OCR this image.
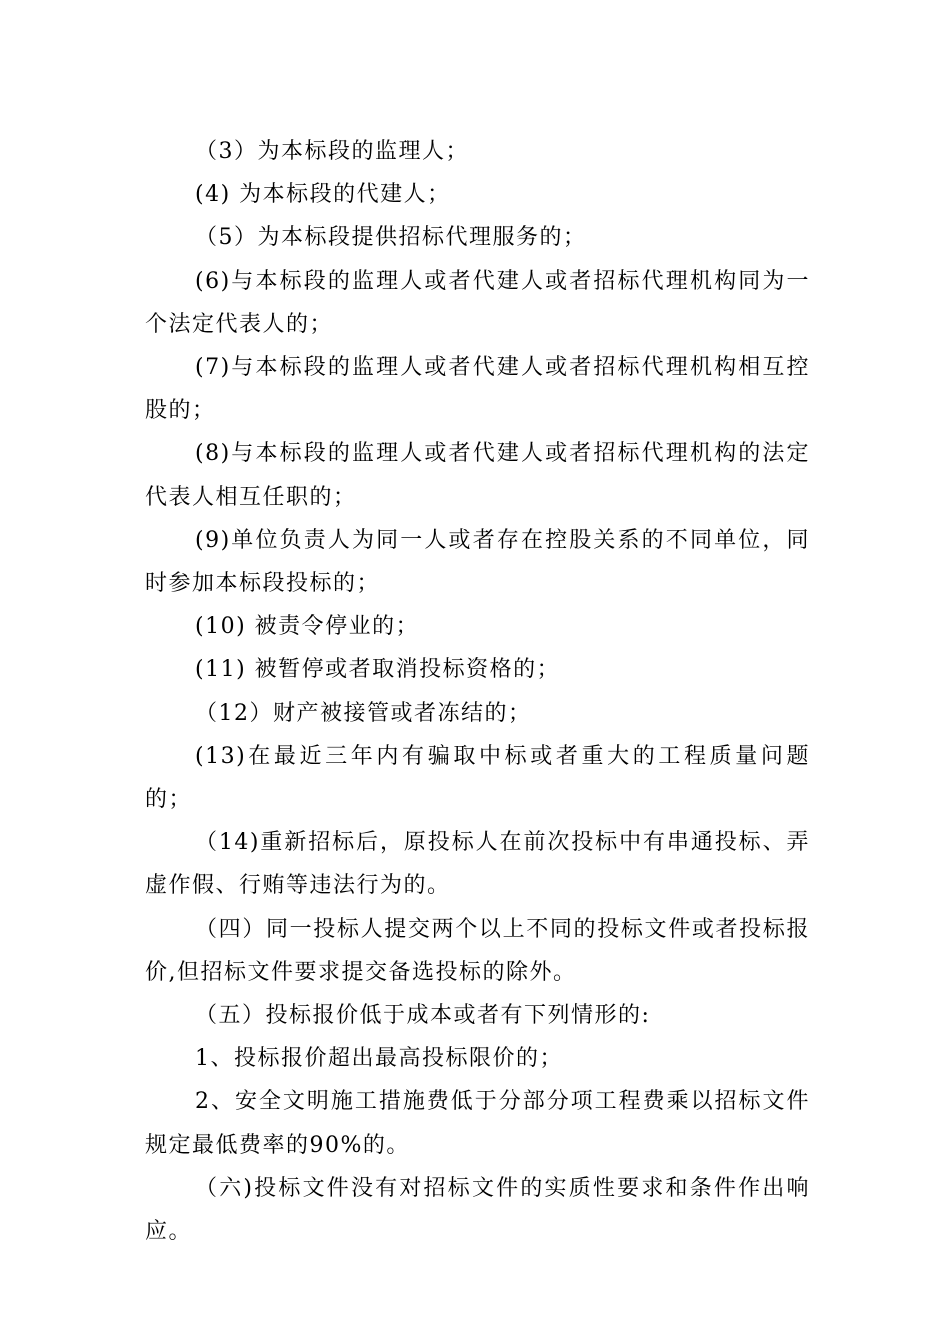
（3）为本标段的监理人；

(4) 为本标段的代建人；

（5）为本标段提供招标代理服务的；

(6)与本标段的监理人或者代建人或者招标代理机构同为一个法定代表人的；

(7)与本标段的监理人或者代建人或者招标代理机构相互控股的；

(8)与本标段的监理人或者代建人或者招标代理机构的法定代表人相互任职的；

(9)单位负责人为同一人或者存在控股关系的不同单位，同时参加本标段投标的；

(10) 被责令停业的；

(11) 被暂停或者取消投标资格的；

（12）财产被接管或者冻结的；

(13)在最近三年内有骗取中标或者重大的工程质量问题的；

（14)重新招标后，原投标人在前次投标中有串通投标、弄虚作假、行贿等违法行为的。

（四）同一投标人提交两个以上不同的投标文件或者投标报价,但招标文件要求提交备选投标的除外。

（五）投标报价低于成本或者有下列情形的:

1、投标报价超出最高投标限价的；

2、安全文明施工措施费低于分部分项工程费乘以招标文件规定最低费率的90%的。

（六)投标文件没有对招标文件的实质性要求和条件作出响应。
